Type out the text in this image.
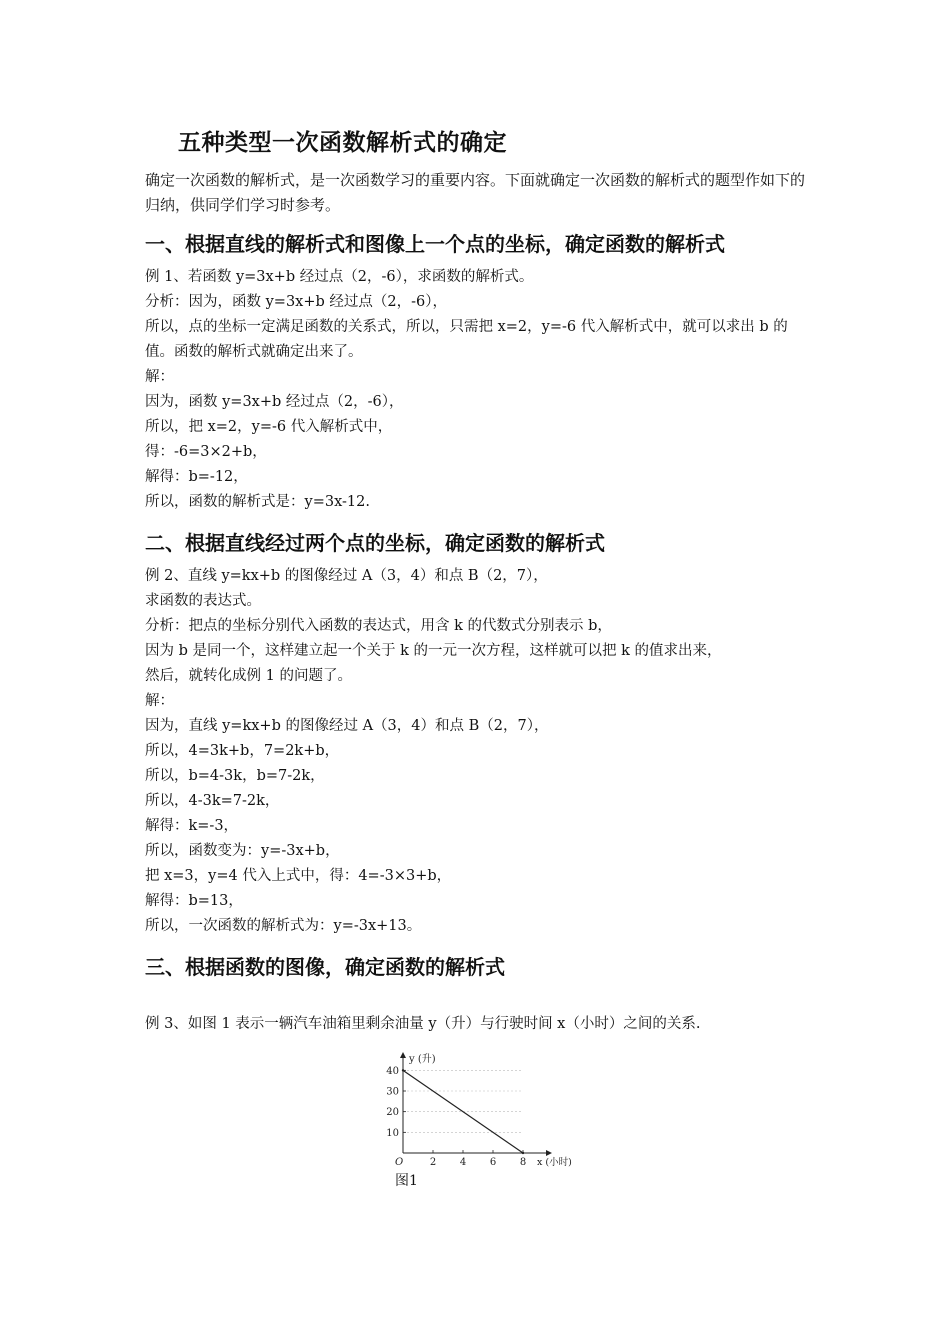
五种类型一次函数解析式的确定
确定一次函数的解析式，是一次函数学习的重要内容。下面就确定一次函数的解析式的题型作如下的归纳，供同学们学习时参考。
一、根据直线的解析式和图像上一个点的坐标，确定函数的解析式
例 1、若函数 y=3x+b 经过点（2，-6），求函数的解析式。
分析：因为，函数 y=3x+b 经过点（2，-6），
所以，点的坐标一定满足函数的关系式，所以，只需把 x=2，y=-6 代入解析式中，就可以求出 b 的值。函数的解析式就确定出来了。
解：
因为，函数 y=3x+b 经过点（2，-6），
所以，把 x=2，y=-6 代入解析式中，
得：-6=3×2+b，
解得：b=-12，
所以，函数的解析式是：y=3x-12.
二、根据直线经过两个点的坐标，确定函数的解析式
例 2、直线 y=kx+b 的图像经过 A（3，4）和点 B（2，7），
求函数的表达式。
分析：把点的坐标分别代入函数的表达式，用含 k 的代数式分别表示 b，
因为 b 是同一个，这样建立起一个关于 k 的一元一次方程，这样就可以把 k 的值求出来，
然后，就转化成例 1 的问题了。
解：
因为，直线 y=kx+b 的图像经过 A（3，4）和点 B（2，7），
所以，4=3k+b，7=2k+b，
所以，b=4-3k，b=7-2k，
所以，4-3k=7-2k，
解得：k=-3，
所以，函数变为：y=-3x+b，
把 x=3，y=4 代入上式中，得：4=-3×3+b，
解得：b=13，
所以，一次函数的解析式为：y=-3x+13。
三、根据函数的图像，确定函数的解析式
例 3、如图 1 表示一辆汽车油箱里剩余油量 y（升）与行驶时间 x（小时）之间的关系.
2 4 6 8
10
20
30
40
O
y (升)
x (小时)
图1
